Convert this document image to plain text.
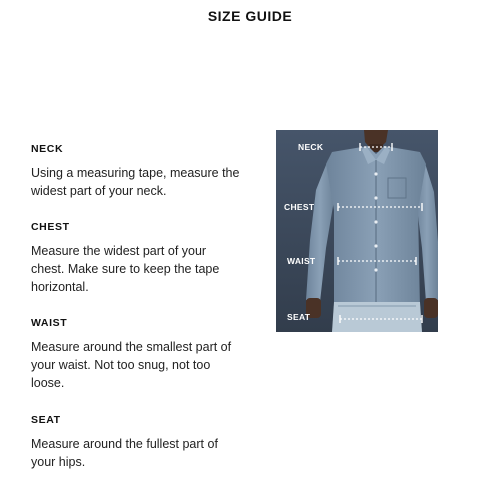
SIZE GUIDE
NECK

Using a measuring tape, measure the
widest part of your neck.

CHEST

Measure the widest part of your
chest. Make sure to keep the tape
horizontal.

WAIST

Measure around the smallest part of
your waist. Not too snug, not too
loose.

SEAT

Measure around the fullest part of
your hips.

NECK
CHEST
WAIST
SEAT
